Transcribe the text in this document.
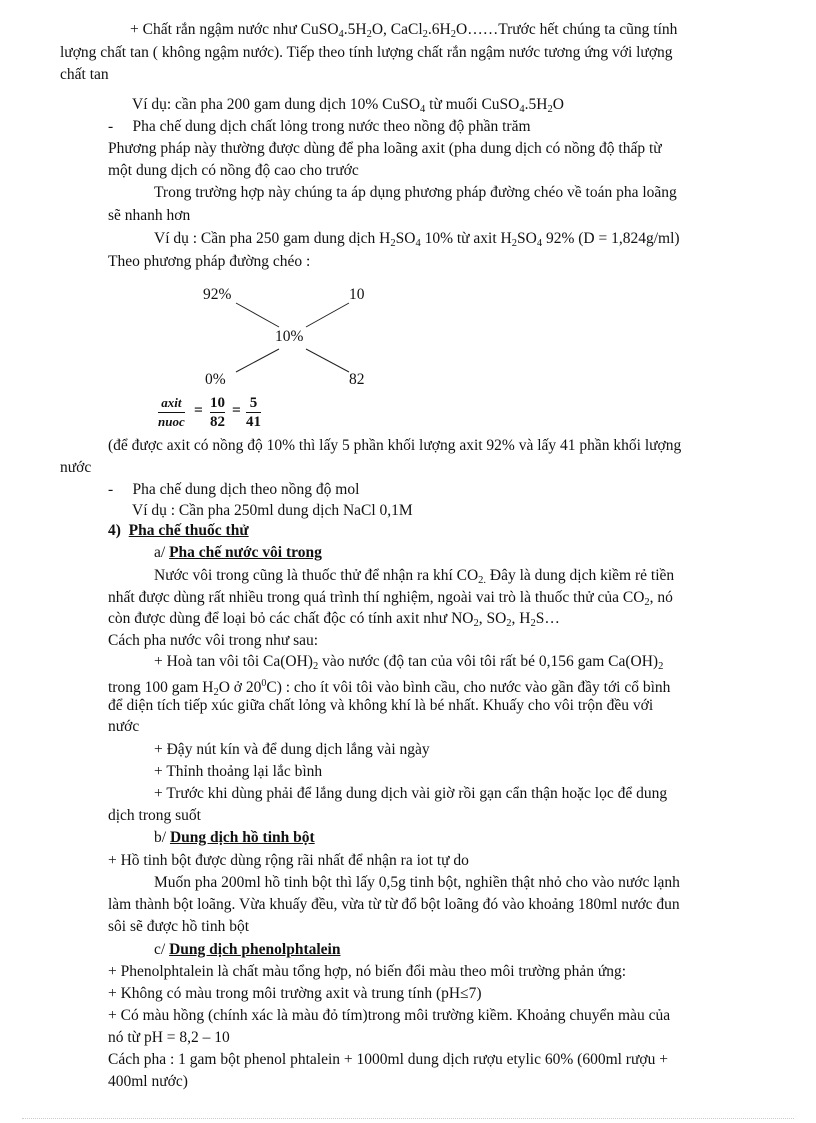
+ Chất rắn ngậm nước như $CuSO_4.5H_2O$, $CaCl_2.6H_2O\dots\dots Trước$ hết chúng ta cũng tính
lượng chất tan ( không ngậm nước). Tiếp theo tính lượng chất rắn ngậm nước tương ứng với lượng
chất tan
Ví dụ: cần pha 200 gam dung dịch 10% CuSO$_4$ từ muối $CuSO_4.5H_2O$
-     Pha chế dung dịch chất lỏng trong nước theo nồng độ phần trăm
Phương pháp này thường được dùng để pha loãng axit (pha dung dịch có nồng độ thấp từ
một dung dịch có nồng độ cao cho trước
Trong trường hợp này chúng ta áp dụng phương pháp đường chéo về toán pha loãng
sẽ nhanh hơn
Ví dụ : Cần pha 250 gam dung dịch $H_2SO_4$ 10% từ axit $H_2SO_4$ 92% (D = 1,824g/ml)
Theo phương pháp đường chéo :
92%	10
10%
0%	82
axit
nuoc
= 10
82
= 5
41
(để được axit có nồng độ 10% thì lấy 5 phần khối lượng axit 92% và lấy 41 phần khối lượng
nước
-     Pha chế dung dịch theo nồng độ mol
Ví dụ : Cần pha 250ml dung dịch NaCl 0,1M
4)  Pha chế thuốc thử
a/ Pha chế nước vôi trong
Nước vôi trong cũng là thuốc thử để nhận ra khí $CO_{2.}$ Đây là dung dịch kiềm rẻ tiền
nhất được dùng rất nhiều trong quá trình thí nghiệm, ngoài vai trò là thuốc thử của $CO_2$, nó
còn được dùng để loại bỏ các chất độc có tính axit như $NO_2$, $SO_2$, $H_2S\dots$
Cách pha nước vôi trong như sau:
+ Hoà tan vôi tôi $Ca(OH)_2$ vào nước (độ tan của vôi tôi rất bé 0,156 gam $Ca(OH)_2$
trong 100 gam $H_2O$ ở $20^0C$) : cho ít vôi tôi vào bình cầu, cho nước vào gần đầy tới cổ bình
để diện tích tiếp xúc giữa chất lỏng và không khí là bé nhất. Khuấy cho vôi trộn đều với
nước
+ Đậy nút kín và để dung dịch lắng vài ngày
+ Thỉnh thoảng lại lắc bình
+ Trước khi dùng phải để lắng dung dịch vài giờ rồi gạn cẩn thận hoặc lọc để dung
dịch trong suốt
b/ Dung dịch hồ tinh bột
+ Hồ tinh bột được dùng rộng rãi nhất để nhận ra iot tự do
Muốn pha 200ml hồ tinh bột thì lấy 0,5g tinh bột, nghiền thật nhỏ cho vào nước lạnh
làm thành bột loãng. Vừa khuấy đều, vừa từ từ đổ bột loãng đó vào khoảng 180ml nước đun
sôi sẽ được hồ tinh bột
c/ Dung dịch phenolphtalein
+ Phenolphtalein là chất màu tổng hợp, nó biến đổi màu theo môi trường phản ứng:
+ Không có màu trong môi trường axit và trung tính (pH≤7)
+ Có màu hồng (chính xác là màu đỏ tím)trong môi trường kiềm. Khoảng chuyển màu của
nó từ pH = 8,2 – 10
Cách pha : 1 gam bột phenol phtalein + 1000ml dung dịch rượu etylic 60% (600ml rượu +
400ml nước)
